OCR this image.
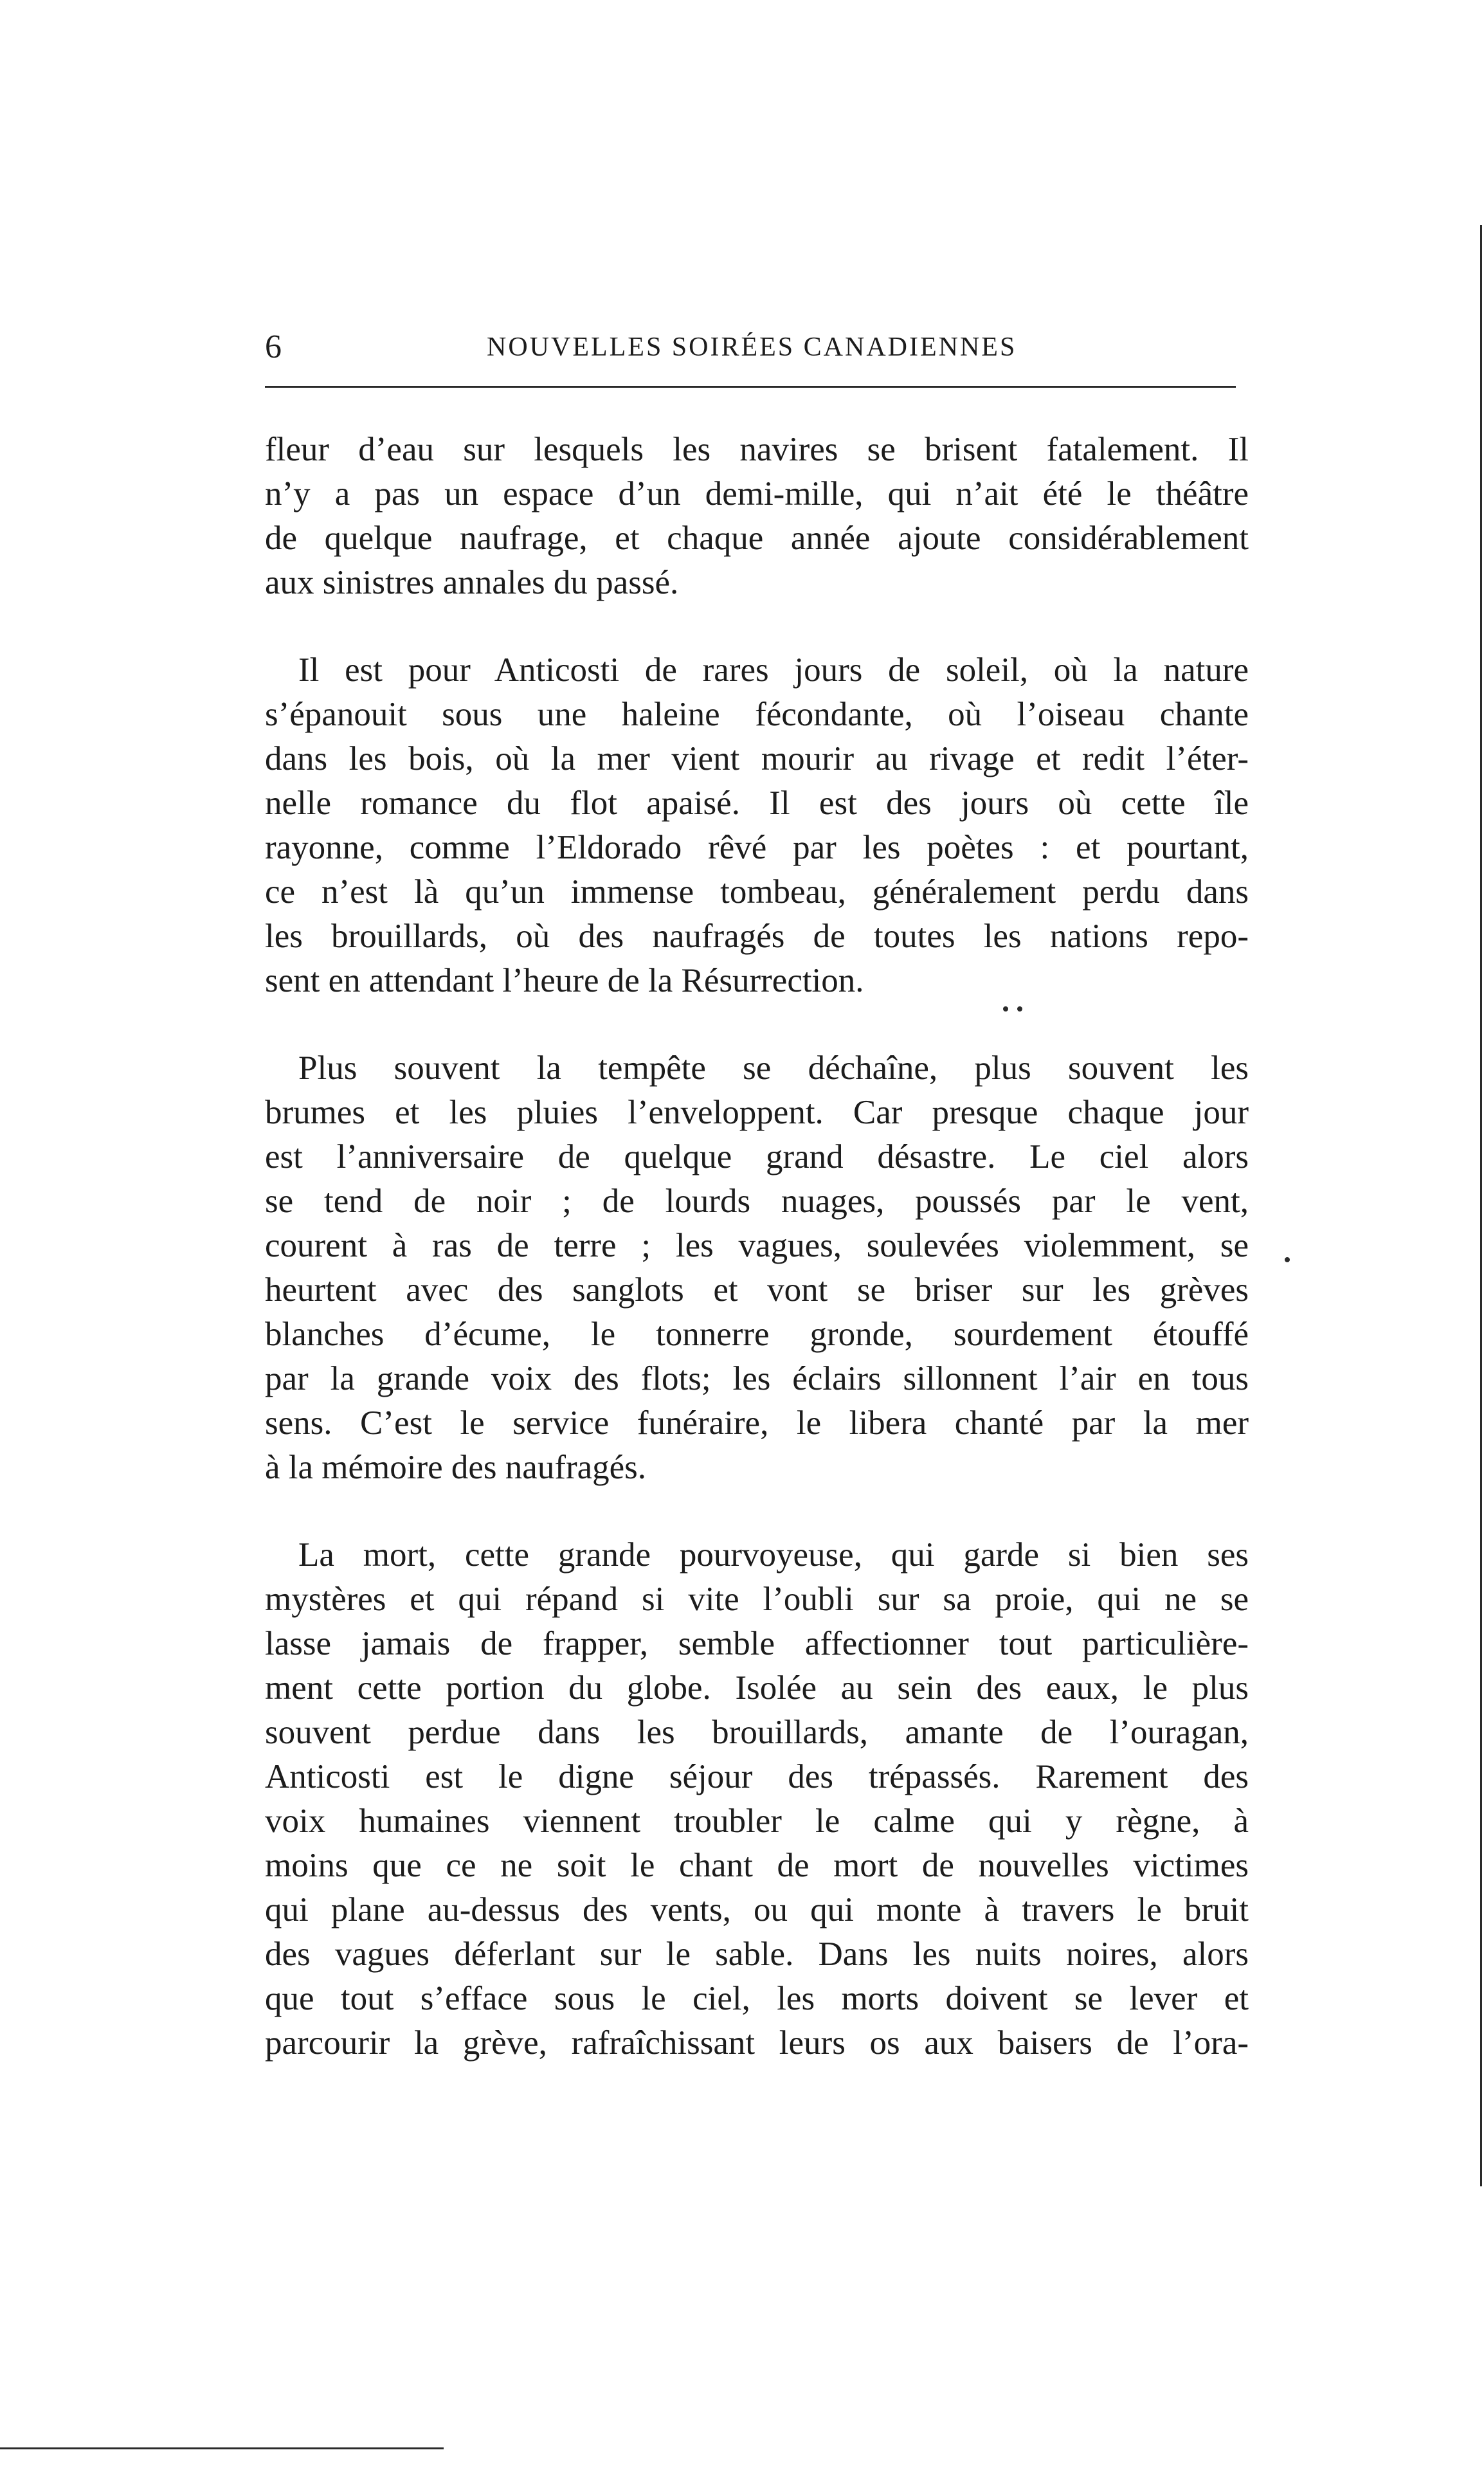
6	NOUVELLES SOIRÉES CANADIENNES

fleur d’eau sur lesquels les navires se brisent fatalement. Il
n’y a pas un espace d’un demi-mille, qui n’ait été le théâtre
de quelque naufrage, et chaque année ajoute considérablement
aux sinistres annales du passé.

Il est pour Anticosti de rares jours de soleil, où la nature
s’épanouit sous une haleine fécondante, où l’oiseau chante
dans les bois, où la mer vient mourir au rivage et redit l’éter-
nelle romance du flot apaisé. Il est des jours où cette île
rayonne, comme l’Eldorado rêvé par les poètes : et pourtant,
ce n’est là qu’un immense tombeau, généralement perdu dans
les brouillards, où des naufragés de toutes les nations repo-
sent en attendant l’heure de la Résurrection.

Plus souvent la tempête se déchaîne, plus souvent les
brumes et les pluies l’enveloppent. Car presque chaque jour
est l’anniversaire de quelque grand désastre. Le ciel alors
se tend de noir ; de lourds nuages, poussés par le vent,
courent à ras de terre ; les vagues, soulevées violemment, se
heurtent avec des sanglots et vont se briser sur les grèves
blanches d’écume, le tonnerre gronde, sourdement étouffé
par la grande voix des flots; les éclairs sillonnent l’air en tous
sens. C’est le service funéraire, le libera chanté par la mer
à la mémoire des naufragés.

La mort, cette grande pourvoyeuse, qui garde si bien ses
mystères et qui répand si vite l’oubli sur sa proie, qui ne se
lasse jamais de frapper, semble affectionner tout particulière-
ment cette portion du globe. Isolée au sein des eaux, le plus
souvent perdue dans les brouillards, amante de l’ouragan,
Anticosti est le digne séjour des trépassés. Rarement des
voix humaines viennent troubler le calme qui y règne, à
moins que ce ne soit le chant de mort de nouvelles victimes
qui plane au-dessus des vents, ou qui monte à travers le bruit
des vagues déferlant sur le sable. Dans les nuits noires, alors
que tout s’efface sous le ciel, les morts doivent se lever et
parcourir la grève, rafraîchissant leurs os aux baisers de l’ora-
